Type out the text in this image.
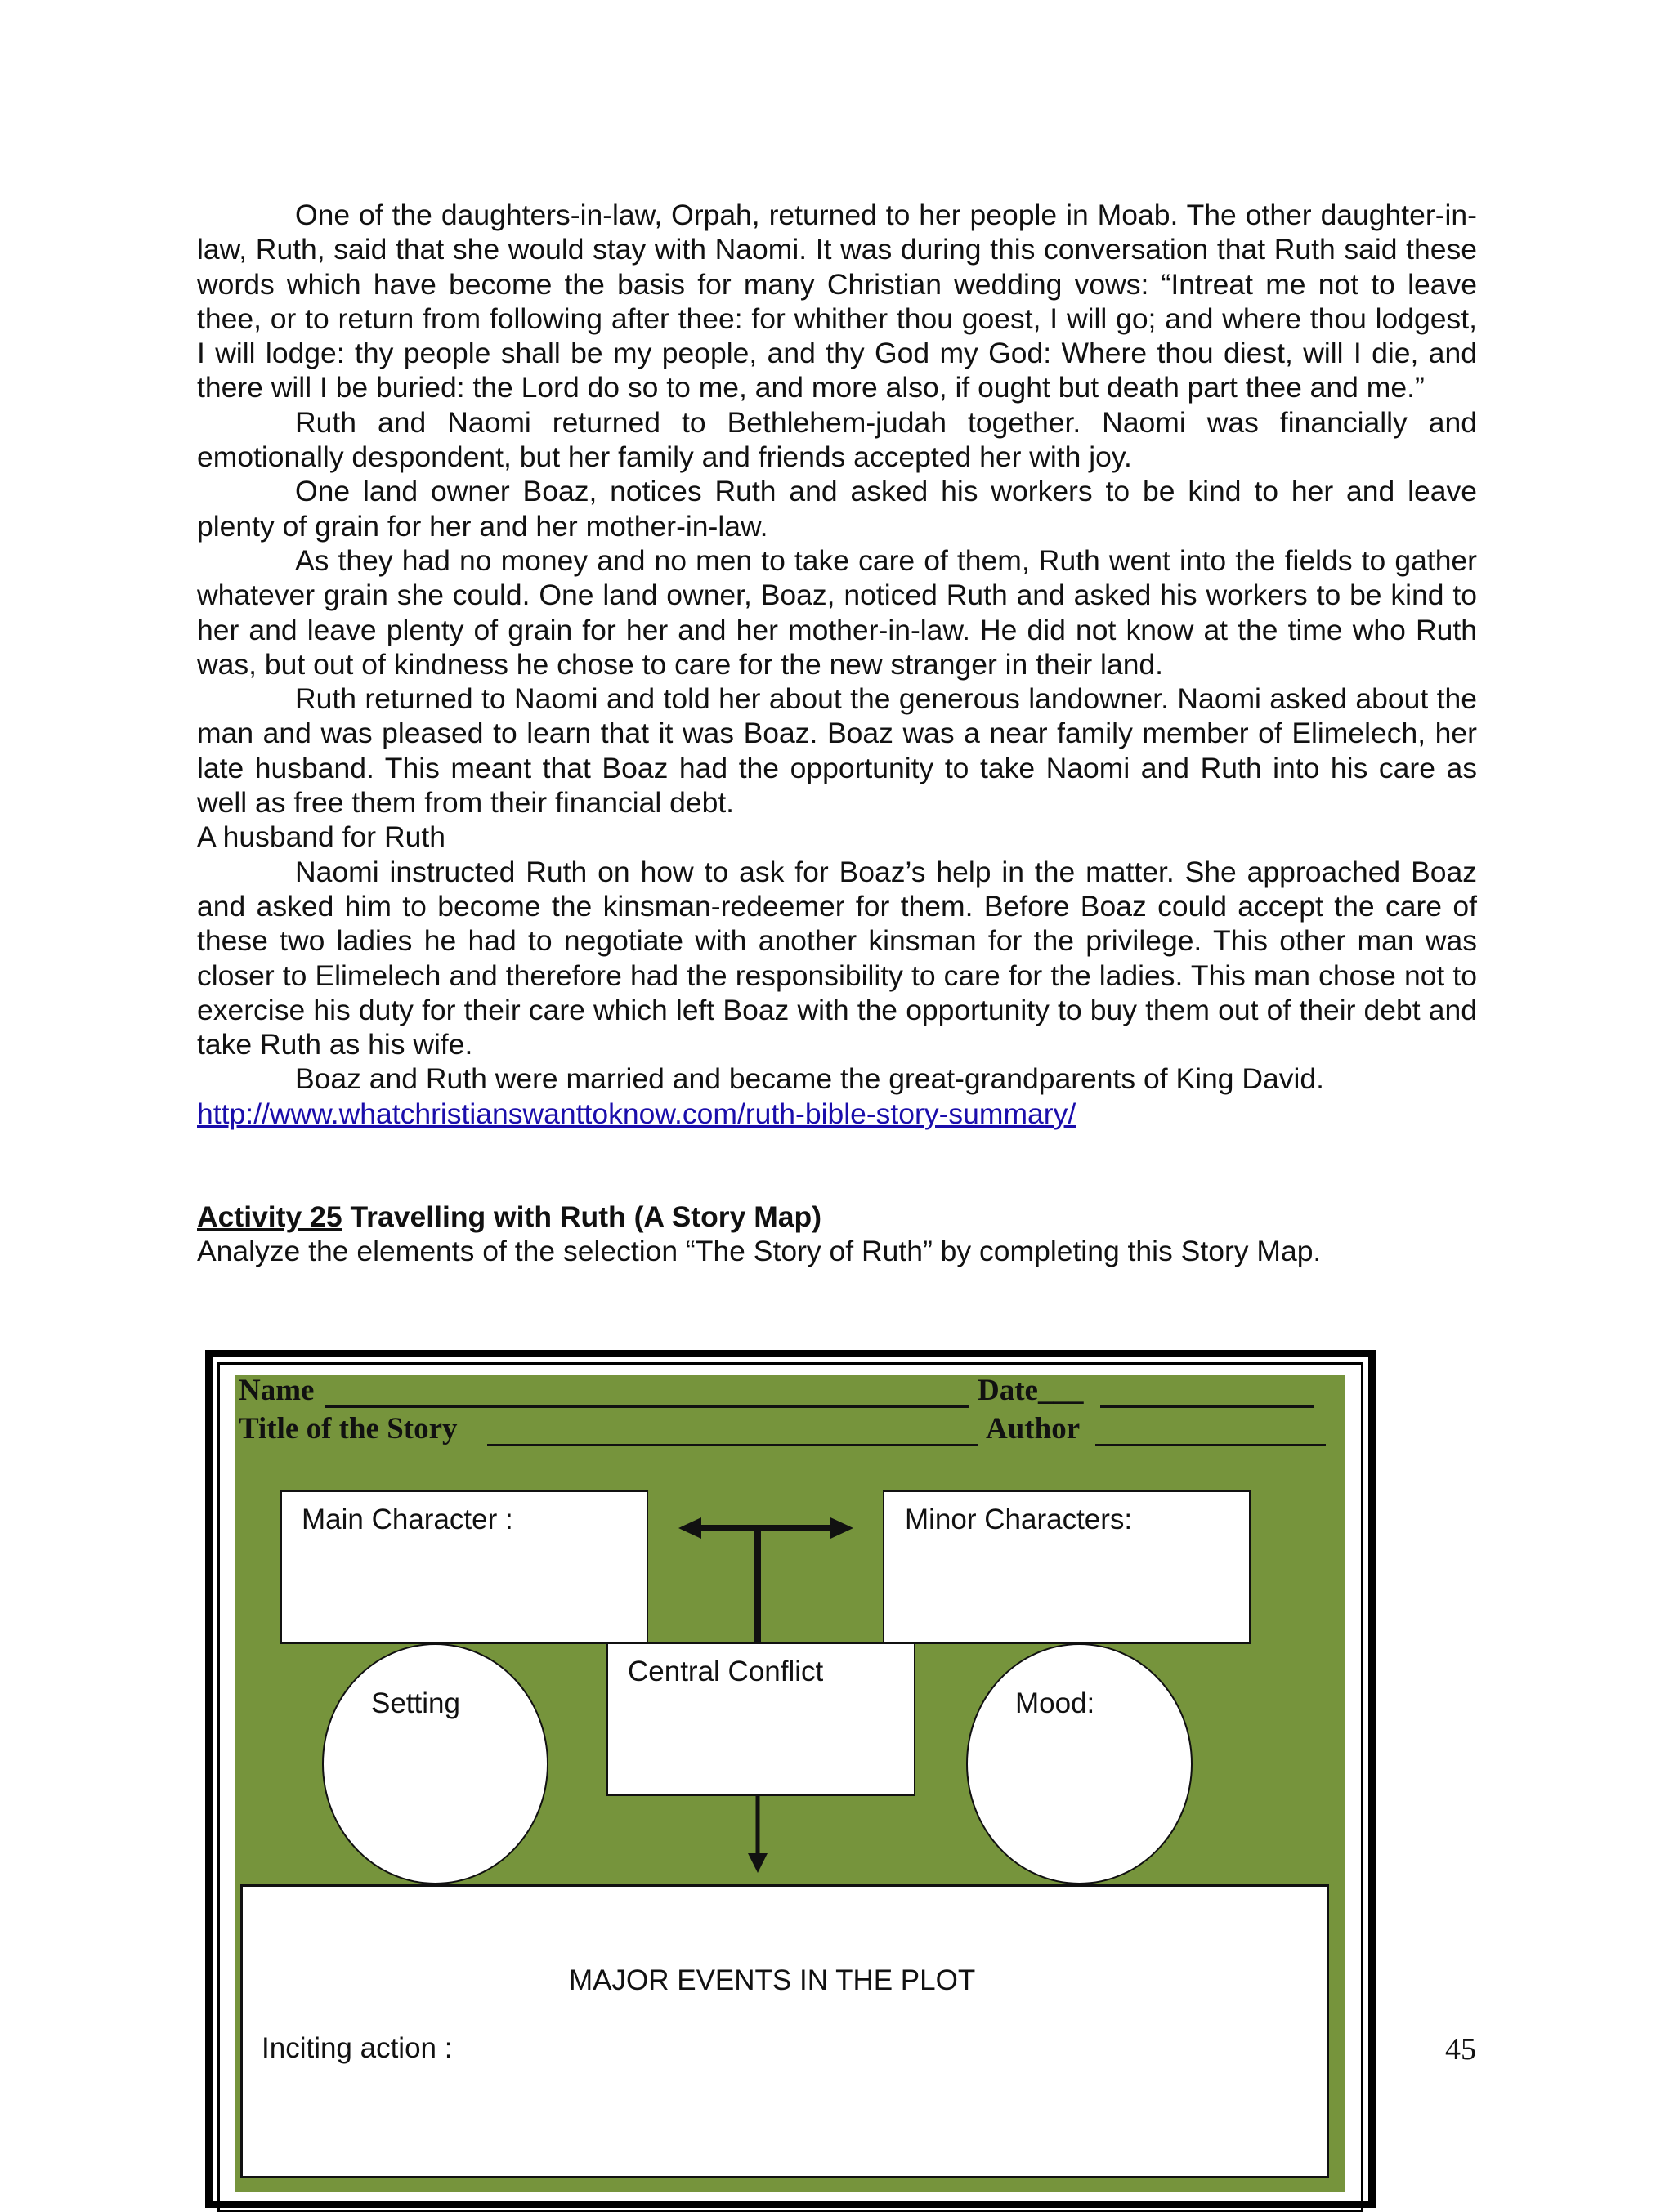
One of the daughters-in-law, Orpah, returned to her people in Moab. The other daughter-in-law, Ruth, said that she would stay with Naomi. It was during this conversation that Ruth said these words which have become the basis for many Christian wedding vows: “Intreat me not to leave thee, or to return from following after thee: for whither thou goest, I will go; and where thou lodgest, I will lodge: thy people shall be my people, and thy God my God: Where thou diest, will I die, and there will I be buried: the Lord do so to me, and more also, if ought but death part thee and me.”

Ruth and Naomi returned to Bethlehem-judah together. Naomi was financially and emotionally despondent, but her family and friends accepted her with joy.

One land owner Boaz, notices Ruth and asked his workers to be kind to her and leave plenty of grain for her and her mother-in-law.

As they had no money and no men to take care of them, Ruth went into the fields to gather whatever grain she could. One land owner, Boaz, noticed Ruth and asked his workers to be kind to her and leave plenty of grain for her and her mother-in-law. He did not know at the time who Ruth was, but out of kindness he chose to care for the new stranger in their land.

Ruth returned to Naomi and told her about the generous landowner. Naomi asked about the man and was pleased to learn that it was Boaz. Boaz was a near family member of Elimelech, her late husband. This meant that Boaz had the opportunity to take Naomi and Ruth into his care as well as free them from their financial debt.

A husband for Ruth

Naomi instructed Ruth on how to ask for Boaz’s help in the matter. She approached Boaz and asked him to become the kinsman-redeemer for them. Before Boaz could accept the care of these two ladies he had to negotiate with another kinsman for the privilege. This other man was closer to Elimelech and therefore had the responsibility to care for the ladies. This man chose not to exercise his duty for their care which left Boaz with the opportunity to buy them out of their debt and take Ruth as his wife.

Boaz and Ruth were married and became the great-grandparents of King David.

http://www.whatchristianswanttoknow.com/ruth-bible-story-summary/

Activity 25 Travelling with Ruth (A Story Map)
Analyze the elements of the selection “The Story of Ruth” by completing this Story Map.
Name	Date___
Title of the Story	Author
Main Character :	Minor Characters:
Central Conflict
Setting	Mood:
MAJOR EVENTS IN THE PLOT
Inciting action :	45
